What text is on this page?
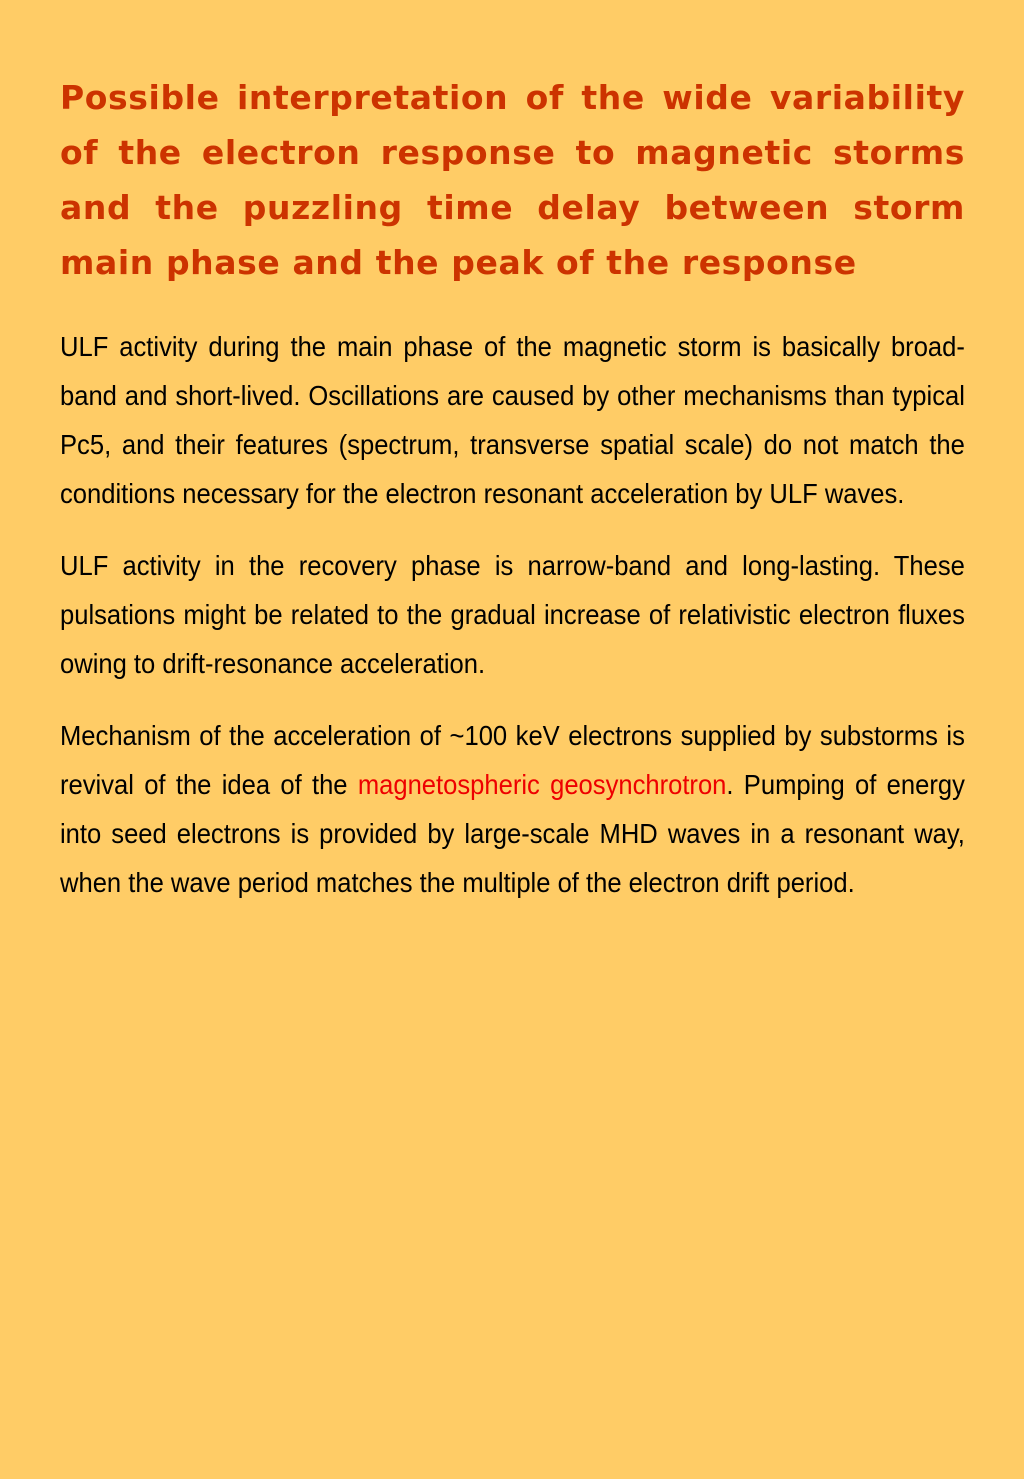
Possible interpretation of the wide variability of the electron response to magnetic storms and the puzzling time delay between storm main phase and the peak of the response

ULF activity during the main phase of the magnetic storm is basically broad-band and short-lived. Oscillations are caused by other mechanisms than typical Pc5, and their features (spectrum, transverse spatial scale) do not match the conditions necessary for the electron resonant acceleration by ULF waves.

ULF activity in the recovery phase is narrow-band and long-lasting. These pulsations might be related to the gradual increase of relativistic electron fluxes owing to drift-resonance acceleration.

Mechanism of the acceleration of ~100 keV electrons supplied by substorms is revival of the idea of the magnetospheric geosynchrotron. Pumping of energy into seed electrons is provided by large-scale MHD waves in a resonant way, when the wave period matches the multiple of the electron drift period.
